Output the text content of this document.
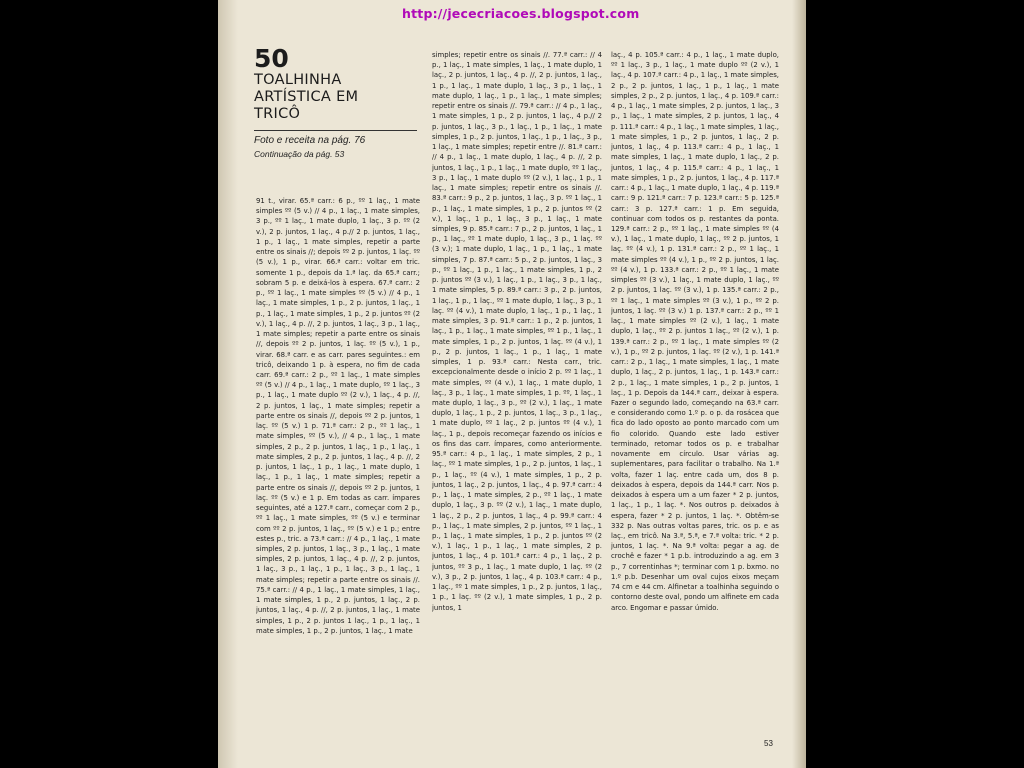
http://jececriacoes.blogspot.com
50
TOALHINHA
ARTÍSTICA EM
TRICÔ
Foto e receita na pág. 76
Continuação da pág. 53
91 t., virar. 65.ª carr.: 6 p., ºº 1 laç., 1 mate simples ºº (5 v.) // 4 p., 1 laç., 1 mate simples, 3 p., ºº 1 laç., 1 mate duplo, 1 laç., 3 p. ºº (2 v.), 2 p. juntos, 1 laç., 4 p.// 2 p. juntos, 1 laç., 1 p., 1 laç., 1 mate simples, repetir a parte entre os sinais //; depois ºº 2 p. juntos, 1 laç. ºº (5 v.), 1 p., virar. 66.ª carr.: voltar em tric. somente 1 p., depois da 1.ª laç. da 65.ª carr.; sobram 5 p. e deixá-los à espera. 67.ª carr.: 2 p., ºº 1 laç., 1 mate simples ºº (5 v.) // 4 p., 1 laç., 1 mate simples, 1 p., 2 p. juntos, 1 laç., 1 p., 1 laç., 1 mate simples, 1 p., 2 p. juntos ºº (2 v.), 1 laç., 4 p. //, 2 p. juntos, 1 laç., 3 p., 1 laç., 1 mate simples; repetir a parte entre os sinais //, depois ºº 2 p. juntos, 1 laç. ºº (5 v.), 1 p., virar. 68.ª carr. e as carr. pares seguintes.: em tricô, deixando 1 p. à espera, no fim de cada carr. 69.ª carr.: 2 p., ºº 1 laç., 1 mate simples ºº (5 v.) // 4 p., 1 laç., 1 mate duplo, ºº 1 laç., 3 p., 1 laç., 1 mate duplo ºº (2 v.), 1 laç., 4 p. //, 2 p. juntos, 1 laç., 1 mate simples; repetir a parte entre os sinais //, depois ºº 2 p. juntos, 1 laç. ºº (5 v.) 1 p. 71.ª carr.: 2 p., ºº 1 laç., 1 mate simples, ºº (5 v.), // 4 p., 1 laç., 1 mate simples, 2 p., 2 p. juntos, 1 laç., 1 p., 1 laç., 1 mate simples, 2 p., 2 p. juntos, 1 laç., 4 p. //, 2 p. juntos, 1 laç., 1 p., 1 laç., 1 mate duplo, 1 laç., 1 p., 1 laç., 1 mate simples; repetir a parte entre os sinais //, depois ºº 2 p. juntos, 1 laç. ºº (5 v.) e 1 p. Em todas as carr. ímpares seguintes, até a 127.ª carr., começar com 2 p., ºº 1 laç., 1 mate simples, ºº (5 v.) e terminar com ºº 2 p. juntos, 1 laç., ºº (5 v.) e 1 p.; entre estes p., tric. a 73.ª carr.: // 4 p., 1 laç., 1 mate simples, 2 p. juntos, 1 laç., 3 p., 1 laç., 1 mate simples, 2 p. juntos, 1 laç., 4 p. //, 2 p. juntos, 1 laç., 3 p., 1 laç., 1 p., 1 laç., 3 p., 1 laç., 1 mate simples; repetir a parte entre os sinais //. 75.ª carr.: // 4 p., 1 laç., 1 mate simples, 1 laç., 1 mate simples, 1 p., 2 p. juntos, 1 laç., 2 p. juntos, 1 laç., 4 p. //, 2 p. juntos, 1 laç., 1 mate simples, 1 p., 2 p. juntos 1 laç., 1 p., 1 laç., 1 mate simples, 1 p., 2 p. juntos, 1 laç., 1 mate
simples; repetir entre os sinais //. 77.ª carr.: // 4 p., 1 laç., 1 mate simples, 1 laç., 1 mate duplo, 1 laç., 2 p. juntos, 1 laç., 4 p. //, 2 p. juntos, 1 laç., 1 p., 1 laç., 1 mate duplo, 1 laç., 3 p., 1 laç., 1 mate duplo, 1 laç., 1 p., 1 laç., 1 mate simples; repetir entre os sinais //. 79.ª carr.: // 4 p., 1 laç., 1 mate simples, 1 p., 2 p. juntos, 1 laç., 4 p.// 2 p. juntos, 1 laç., 3 p., 1 laç., 1 p., 1 laç., 1 mate simples, 1 p., 2 p. juntos, 1 laç., 1 p., 1 laç., 3 p., 1 laç., 1 mate simples; repetir entre //. 81.ª carr.: // 4 p., 1 laç., 1 mate duplo, 1 laç., 4 p. //, 2 p. juntos, 1 laç., 1 p., 1 laç., 1 mate duplo, ºº 1 laç., 3 p., 1 laç., 1 mate duplo ºº (2 v.), 1 laç., 1 p., 1 laç., 1 mate simples; repetir entre os sinais //. 83.ª carr.: 9 p., 2 p. juntos, 1 laç., 3 p. ºº 1 laç., 1 p., 1 laç., 1 mate simples, 1 p., 2 p. juntos ºº (2 v.), 1 laç., 1 p., 1 laç., 3 p., 1 laç., 1 mate simples, 9 p. 85.ª carr.: 7 p., 2 p. juntos, 1 laç., 1 p., 1 laç., ºº 1 mate duplo, 1 laç., 3 p., 1 laç. ºº (3 v.); 1 mate duplo, 1 laç., 1 p., 1 laç., 1 mate simples, 7 p. 87.ª carr.: 5 p., 2 p. juntos, 1 laç., 3 p., ºº 1 laç., 1 p., 1 laç., 1 mate simples, 1 p., 2 p. juntos ºº (3 v.), 1 laç., 1 p., 1 laç., 3 p., 1 laç., 1 mate simples, 5 p. 89.ª carr.: 3 p., 2 p. juntos, 1 laç., 1 p., 1 laç., ºº 1 mate duplo, 1 laç., 3 p., 1 laç. ºº (4 v.), 1 mate duplo, 1 laç., 1 p., 1 laç., 1 mate simples, 3 p. 91.ª carr.: 1 p., 2 p. juntos, 1 laç., 1 p., 1 laç., 1 mate simples, ºº 1 p., 1 laç., 1 mate simples, 1 p., 2 p. juntos, 1 laç. ºº (4 v.), 1 p., 2 p. juntos, 1 laç., 1 p., 1 laç., 1 mate simples, 1 p. 93.ª carr.: Nesta carr., tric. excepcionalmente desde o início 2 p. ºº 1 laç., 1 mate simples, ºº (4 v.), 1 laç., 1 mate duplo, 1 laç., 3 p., 1 laç., 1 mate simples, 1 p. ºº, 1 laç., 1 mate duplo, 1 laç., 3 p., ºº (2 v.), 1 laç., 1 mate duplo, 1 laç., 1 p., 2 p. juntos, 1 laç., 3 p., 1 laç., 1 mate duplo, ºº 1 laç., 2 p. juntos ºº (4 v.), 1 laç., 1 p., depois recomeçar fazendo os inícios e os fins das carr. ímpares, como anteriormente. 95.ª carr.: 4 p., 1 laç., 1 mate simples, 2 p., 1 laç., ºº 1 mate simples, 1 p., 2 p. juntos, 1 laç., 1 p., 1 laç., ºº (4 v.), 1 mate simples, 1 p., 2 p. juntos, 1 laç., 2 p. juntos, 1 laç., 4 p. 97.ª carr.: 4 p., 1 laç., 1 mate simples, 2 p., ºº 1 laç., 1 mate duplo, 1 laç., 3 p. ºº (2 v.), 1 laç., 1 mate duplo, 1 laç., 2 p., 2 p. juntos, 1 laç., 4 p. 99.ª carr.: 4 p., 1 laç., 1 mate simples, 2 p. juntos, ºº 1 laç., 1 p., 1 laç., 1 mate simples, 1 p., 2 p. juntos ºº (2 v.), 1 laç., 1 p., 1 laç., 1 mate simples, 2 p. juntos, 1 laç., 4 p. 101.ª carr.: 4 p., 1 laç., 2 p. juntos, ºº 3 p., 1 laç., 1 mate duplo, 1 laç. ºº (2 v.), 3 p., 2 p. juntos, 1 laç., 4 p. 103.ª carr.: 4 p., 1 laç., ºº 1 mate simples, 1 p., 2 p. juntos, 1 laç., 1 p., 1 laç. ºº (2 v.), 1 mate simples, 1 p., 2 p. juntos, 1
laç., 4 p. 105.ª carr.: 4 p., 1 laç., 1 mate duplo, ºº 1 laç., 3 p., 1 laç., 1 mate duplo ºº (2 v.), 1 laç., 4 p. 107.ª carr.: 4 p., 1 laç., 1 mate simples, 2 p., 2 p. juntos, 1 laç., 1 p., 1 laç., 1 mate simples, 2 p., 2 p. juntos, 1 laç., 4 p. 109.ª carr.: 4 p., 1 laç., 1 mate simples, 2 p. juntos, 1 laç., 3 p., 1 laç., 1 mate simples, 2 p. juntos, 1 laç., 4 p. 111.ª carr.: 4 p., 1 laç., 1 mate simples, 1 laç., 1 mate simples, 1 p., 2 p. juntos, 1 laç., 2 p. juntos, 1 laç., 4 p. 113.ª carr.: 4 p., 1 laç., 1 mate simples, 1 laç., 1 mate duplo, 1 laç., 2 p. juntos, 1 laç., 4 p. 115.ª carr.: 4 p., 1 laç., 1 mate simples, 1 p., 2 p. juntos, 1 laç., 4 p. 117.ª carr.: 4 p., 1 laç., 1 mate duplo, 1 laç., 4 p. 119.ª carr.: 9 p. 121.ª carr.: 7 p. 123.ª carr.: 5 p. 125.ª carr.: 3 p. 127.ª carr.: 1 p. Em seguida, continuar com todos os p. restantes da ponta. 129.ª carr.: 2 p., ºº 1 laç., 1 mate simples ºº (4 v.), 1 laç., 1 mate duplo, 1 laç., ºº 2 p. juntos, 1 laç. ºº (4 v.), 1 p. 131.ª carr.: 2 p., ºº 1 laç., 1 mate simples ºº (4 v.), 1 p., ºº 2 p. juntos, 1 laç. ºº (4 v.), 1 p. 133.ª carr.: 2 p., ºº 1 laç., 1 mate simples ºº (3 v.), 1 laç., 1 mate duplo, 1 laç., ºº 2 p. juntos, 1 laç. ºº (3 v.), 1 p. 135.ª carr.: 2 p., ºº 1 laç., 1 mate simples ºº (3 v.), 1 p., ºº 2 p. juntos, 1 laç. ºº (3 v.) 1 p. 137.ª carr.: 2 p., ºº 1 laç., 1 mate simples ºº (2 v.), 1 laç., 1 mate duplo, 1 laç., ºº 2 p. juntos 1 laç., ºº (2 v.), 1 p. 139.ª carr.: 2 p., ºº 1 laç., 1 mate simples ºº (2 v.), 1 p., ºº 2 p. juntos, 1 laç. ºº (2 v.), 1 p. 141.ª carr.: 2 p., 1 laç., 1 mate simples, 1 laç., 1 mate duplo, 1 laç., 2 p. juntos, 1 laç., 1 p. 143.ª carr.: 2 p., 1 laç., 1 mate simples, 1 p., 2 p. juntos, 1 laç., 1 p. Depois da 144.ª carr., deixar à espera. Fazer o segundo lado, começando na 63.ª carr. e considerando como 1.º p. o p. da rosácea que fica do lado oposto ao ponto marcado com um fio colorido. Quando este lado estiver terminado, retomar todos os p. e trabalhar novamente em círculo. Usar várias ag. suplementares, para facilitar o trabalho. Na 1.ª volta, fazer 1 laç. entre cada um, dos 8 p. deixados à espera, depois da 144.ª carr. Nos p. deixados à espera um a um fazer * 2 p. juntos, 1 laç., 1 p., 1 laç. *. Nos outros p. deixados à espera, fazer * 2 p. juntos, 1 laç. *. Obtêm-se 332 p. Nas outras voltas pares, tric. os p. e as laç., em tricô. Na 3.ª, 5.ª, e 7.ª volta: tric. * 2 p. juntos, 1 laç. *. Na 9.ª volta: pegar a ag. de crochê e fazer * 1 p.b. introduzindo a ag. em 3 p., 7 correntinhas *; terminar com 1 p. bxmo. no 1.º p.b. Desenhar um oval cujos eixos meçam 74 cm e 44 cm. Alfinetar a toalhinha seguindo o contorno deste oval, pondo um alfinete em cada arco. Engomar e passar úmido.
53
